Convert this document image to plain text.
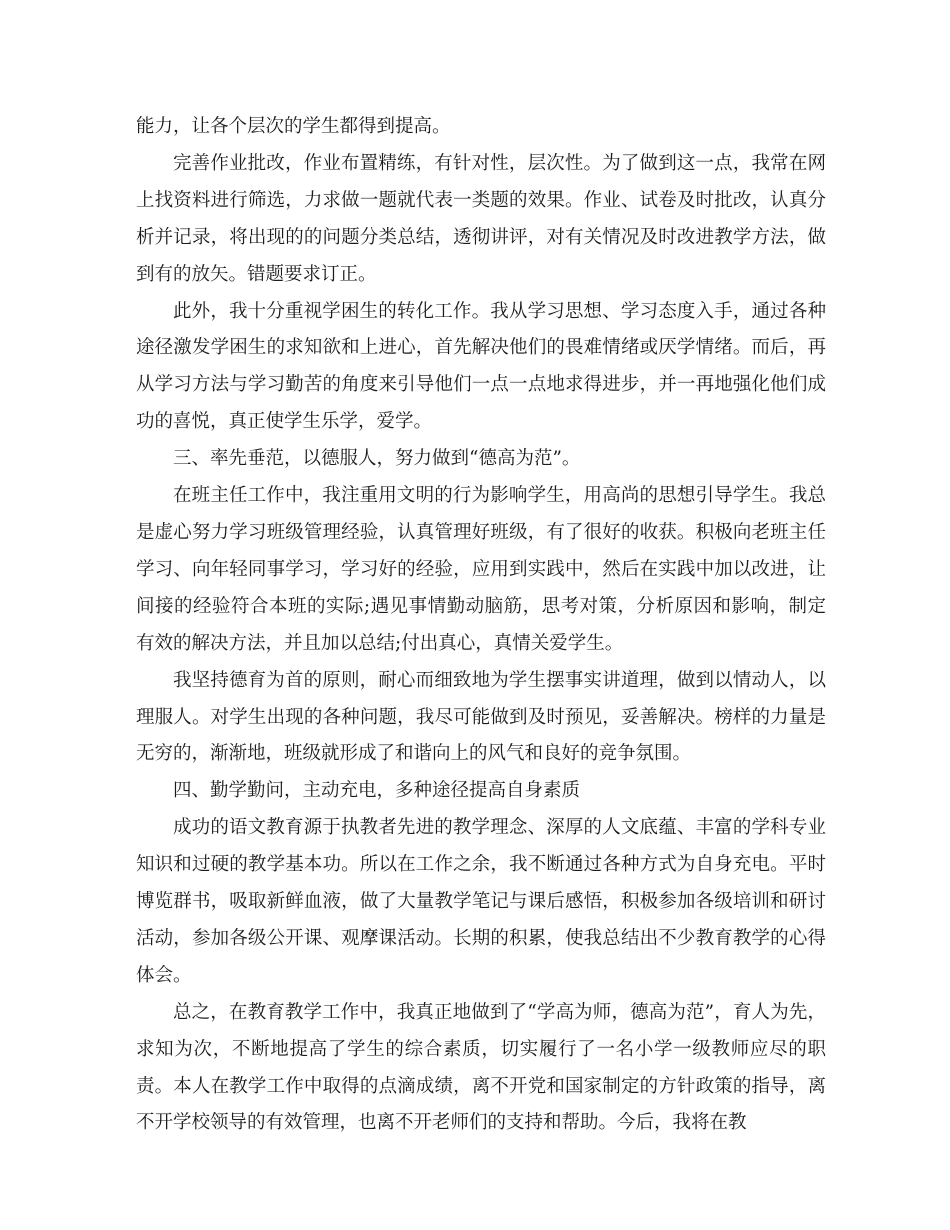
能力，让各个层次的学生都得到提高。

完善作业批改，作业布置精练，有针对性，层次性。为了做到这一点，我常在网上找资料进行筛选，力求做一题就代表一类题的效果。作业、试卷及时批改，认真分析并记录，将出现的的问题分类总结，透彻讲评，对有关情况及时改进教学方法，做到有的放矢。错题要求订正。

此外，我十分重视学困生的转化工作。我从学习思想、学习态度入手，通过各种途径激发学困生的求知欲和上进心，首先解决他们的畏难情绪或厌学情绪。而后，再从学习方法与学习勤苦的角度来引导他们一点一点地求得进步，并一再地强化他们成功的喜悦，真正使学生乐学，爱学。

三、率先垂范，以德服人，努力做到“德高为范”。

在班主任工作中，我注重用文明的行为影响学生，用高尚的思想引导学生。我总是虚心努力学习班级管理经验，认真管理好班级，有了很好的收获。积极向老班主任学习、向年轻同事学习，学习好的经验，应用到实践中，然后在实践中加以改进，让间接的经验符合本班的实际;遇见事情勤动脑筋，思考对策，分析原因和影响，制定有效的解决方法，并且加以总结;付出真心，真情关爱学生。

我坚持德育为首的原则，耐心而细致地为学生摆事实讲道理，做到以情动人，以理服人。对学生出现的各种问题，我尽可能做到及时预见，妥善解决。榜样的力量是无穷的，渐渐地，班级就形成了和谐向上的风气和良好的竞争氛围。

四、勤学勤问，主动充电，多种途径提高自身素质

成功的语文教育源于执教者先进的教学理念、深厚的人文底蕴、丰富的学科专业知识和过硬的教学基本功。所以在工作之余，我不断通过各种方式为自身充电。平时博览群书，吸取新鲜血液，做了大量教学笔记与课后感悟，积极参加各级培训和研讨活动，参加各级公开课、观摩课活动。长期的积累，使我总结出不少教育教学的心得体会。

总之，在教育教学工作中，我真正地做到了“学高为师，德高为范”，育人为先，求知为次，不断地提高了学生的综合素质，切实履行了一名小学一级教师应尽的职责。本人在教学工作中取得的点滴成绩，离不开党和国家制定的方针政策的指导，离不开学校领导的有效管理，也离不开老师们的支持和帮助。今后，我将在教
